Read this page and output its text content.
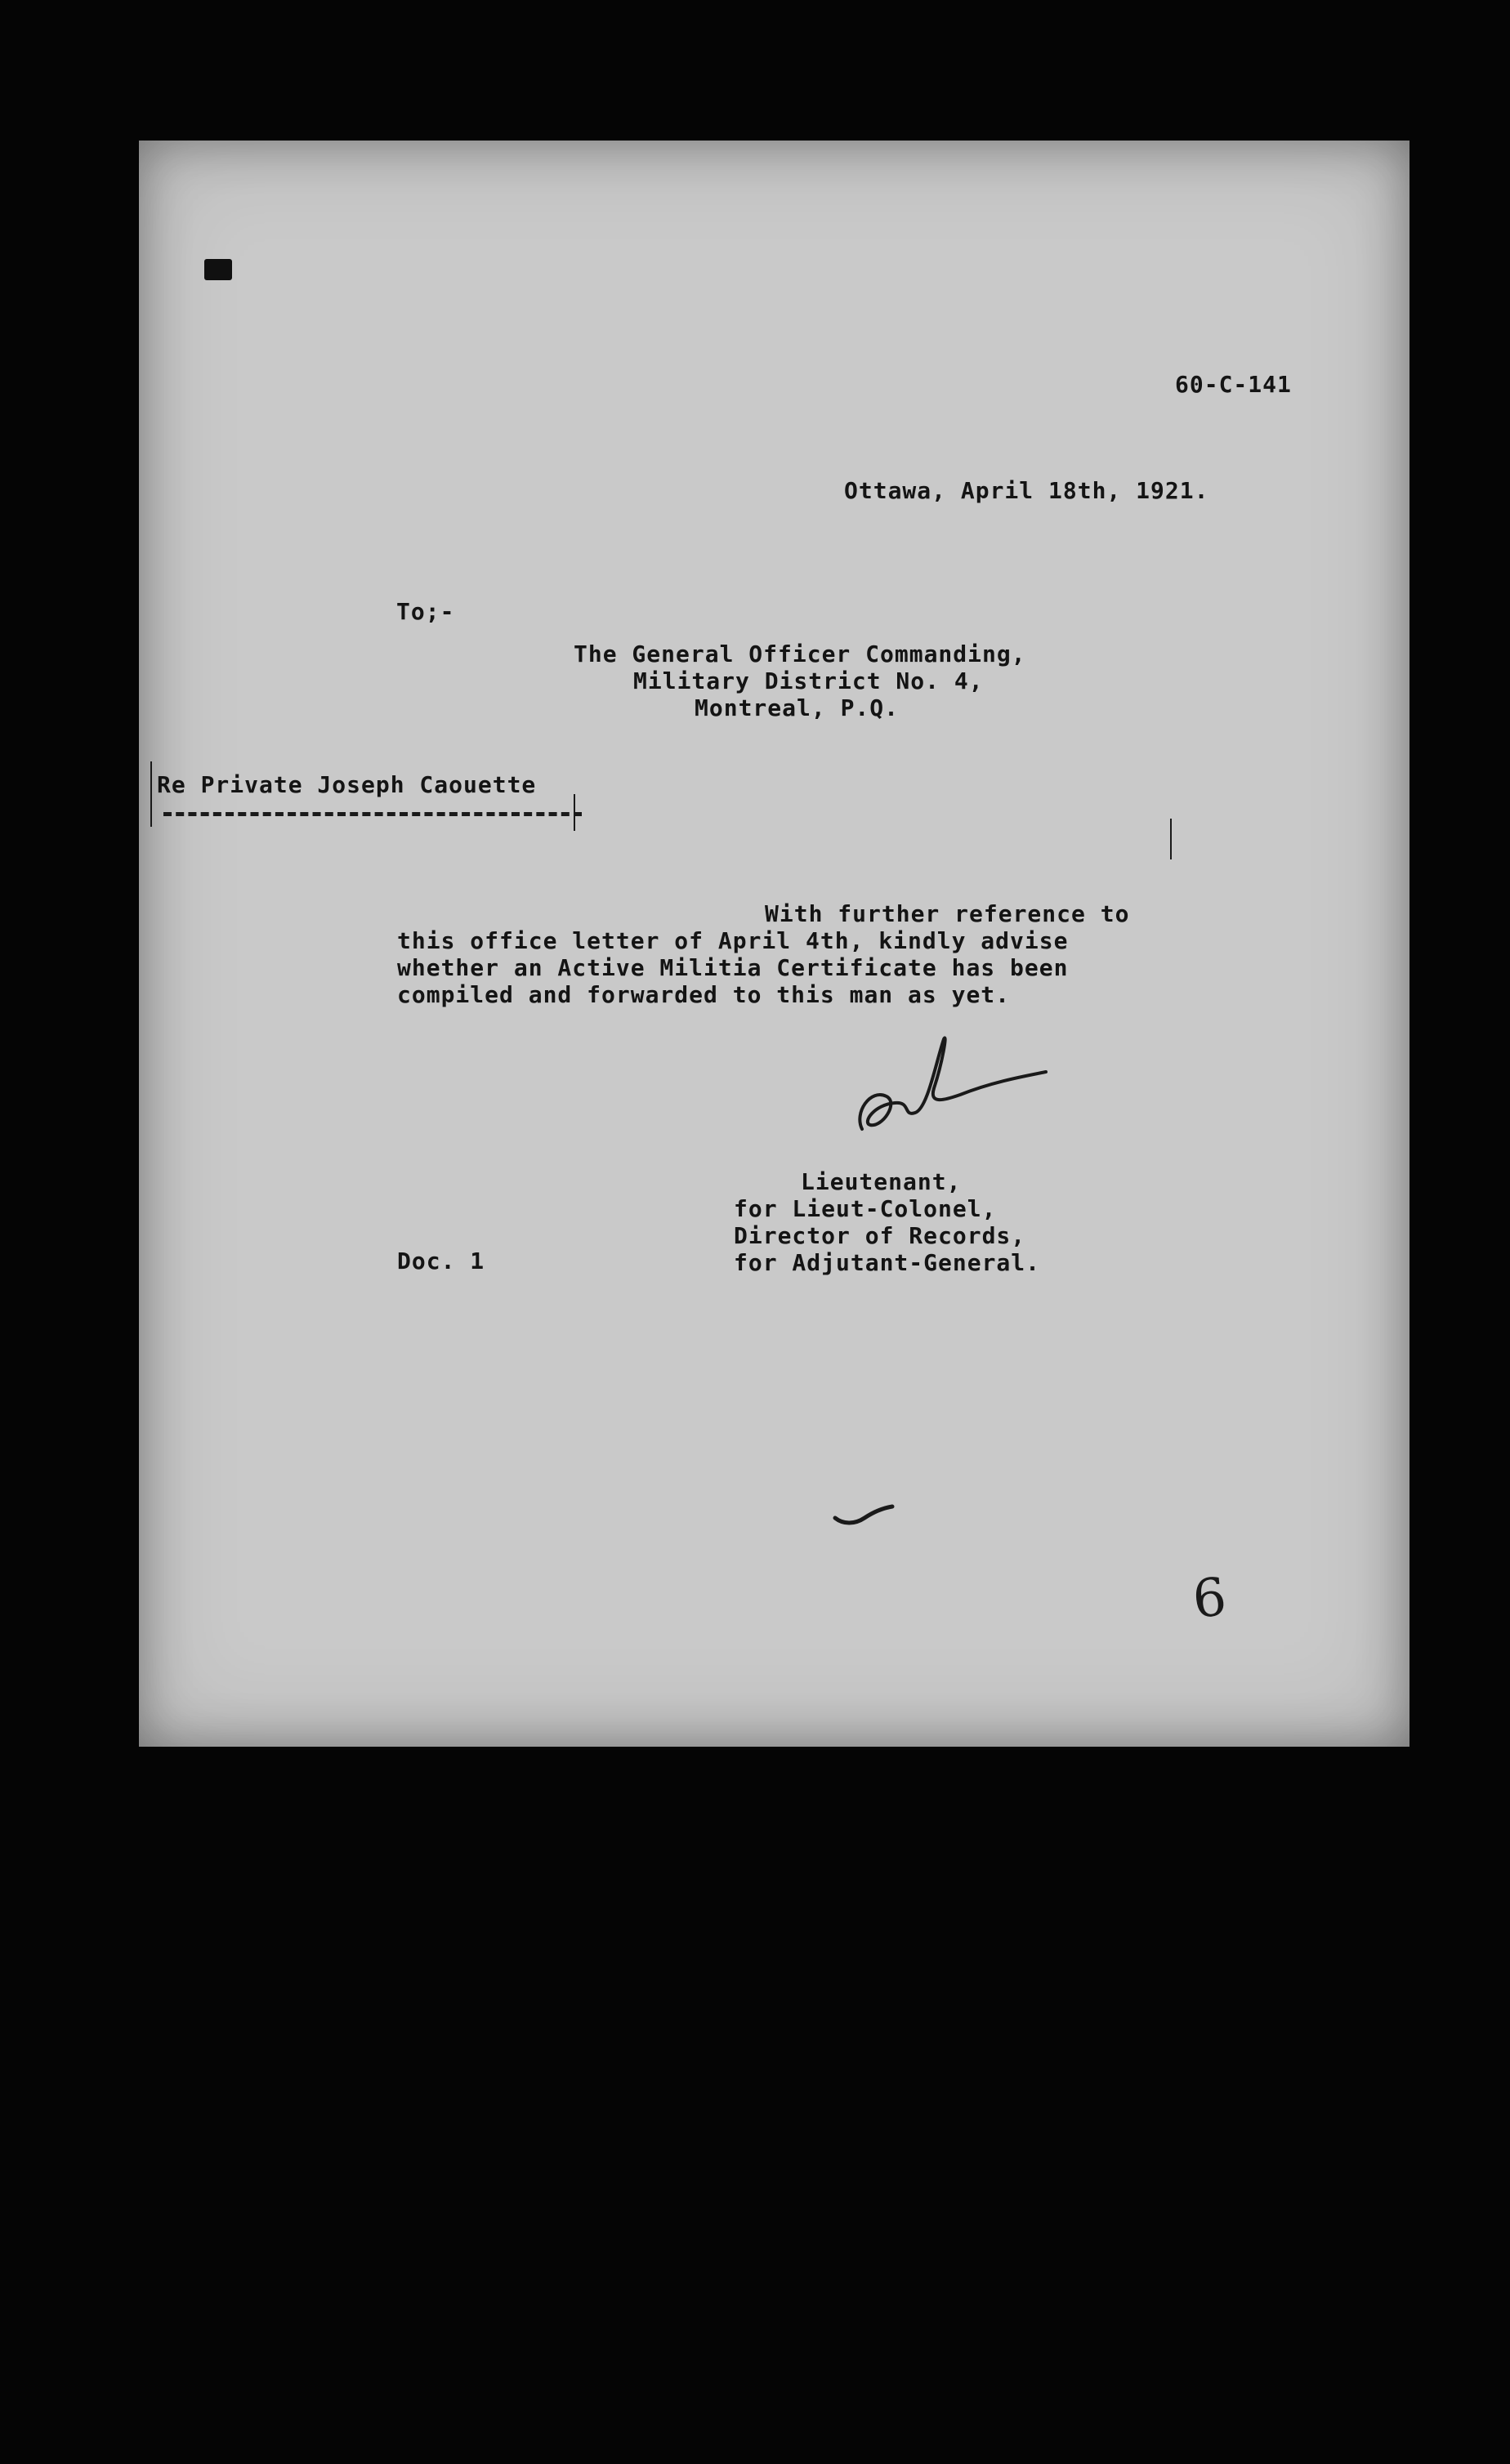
60-C-141
Ottawa, April 18th, 1921.
To;-
The General Officer Commanding,
Military District No. 4,
Montreal, P.Q.
Re Private Joseph Caouette
With further reference to
this office letter of April 4th, kindly advise
whether an Active Militia Certificate has been
compiled and forwarded to this man as yet.
Lieutenant,
for Lieut-Colonel,
Director of Records,
for Adjutant-General.
Doc. 1
6
